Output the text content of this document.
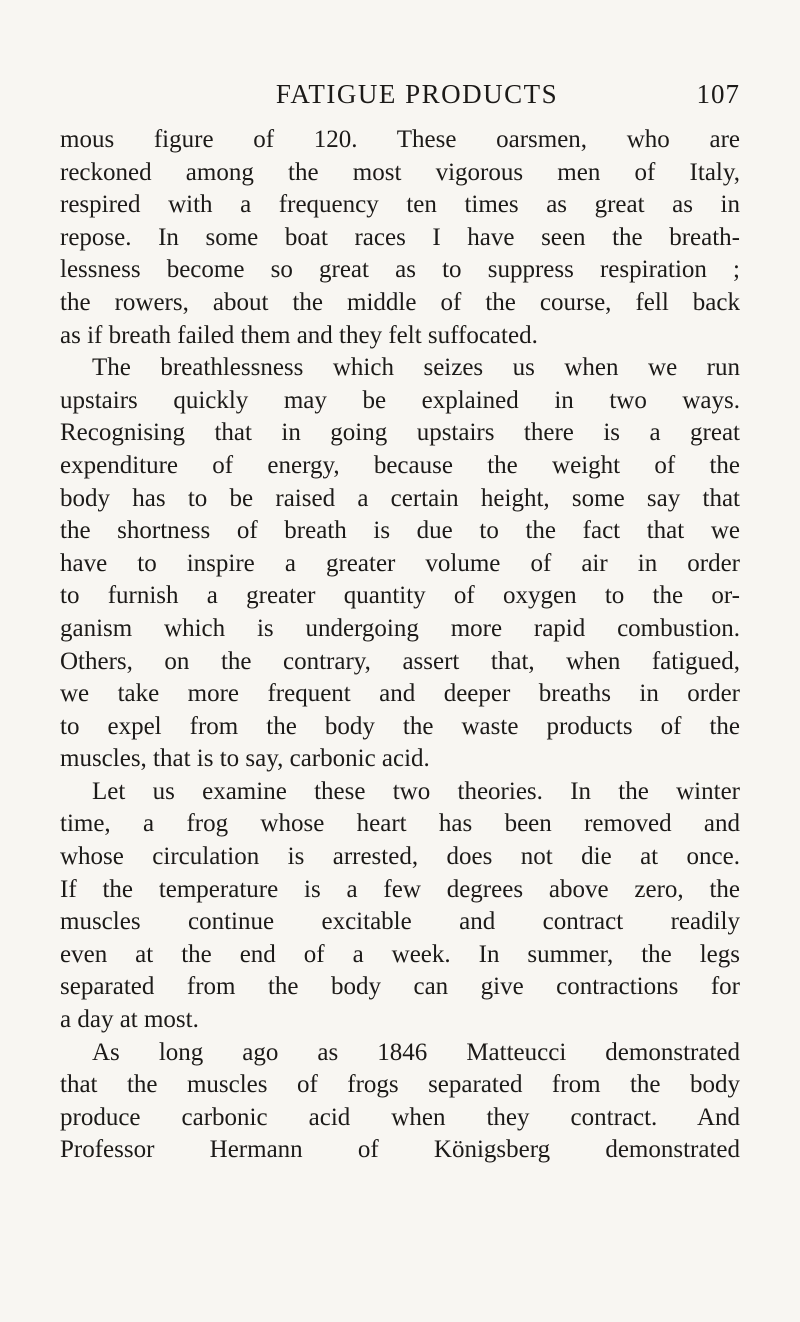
FATIGUE PRODUCTS	107
mous figure of 120. These oarsmen, who are
reckoned among the most vigorous men of Italy,
respired with a frequency ten times as great as in
repose. In some boat races I have seen the breath-
lessness become so great as to suppress respiration ;
the rowers, about the middle of the course, fell back
as if breath failed them and they felt suffocated.
The breathlessness which seizes us when we run
upstairs quickly may be explained in two ways.
Recognising that in going upstairs there is a great
expenditure of energy, because the weight of the
body has to be raised a certain height, some say that
the shortness of breath is due to the fact that we
have to inspire a greater volume of air in order
to furnish a greater quantity of oxygen to the or-
ganism which is undergoing more rapid combustion.
Others, on the contrary, assert that, when fatigued,
we take more frequent and deeper breaths in order
to expel from the body the waste products of the
muscles, that is to say, carbonic acid.
Let us examine these two theories. In the winter
time, a frog whose heart has been removed and
whose circulation is arrested, does not die at once.
If the temperature is a few degrees above zero, the
muscles continue excitable and contract readily
even at the end of a week. In summer, the legs
separated from the body can give contractions for
a day at most.
As long ago as 1846 Matteucci demonstrated
that the muscles of frogs separated from the body
produce carbonic acid when they contract. And
Professor Hermann of Königsberg demonstrated
